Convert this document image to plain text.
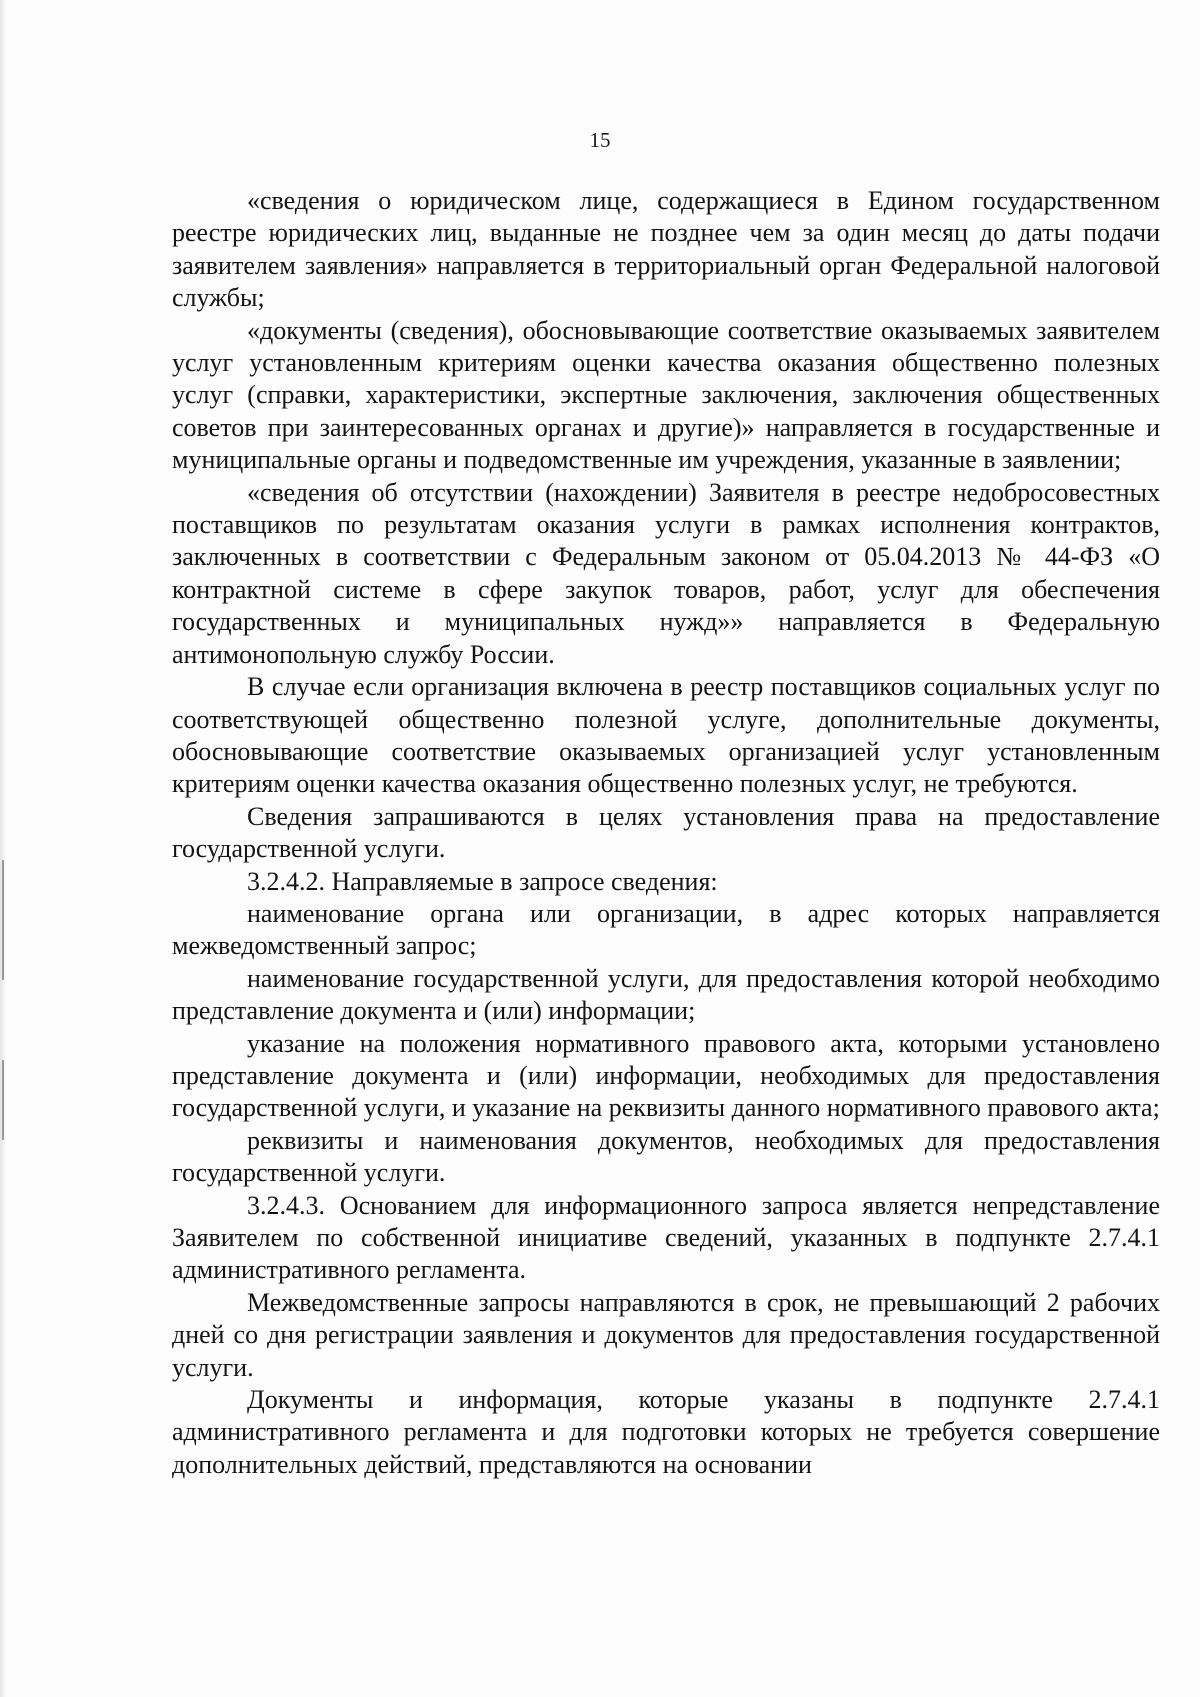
15

«сведения о юридическом лице, содержащиеся в Едином государственном реестре юридических лиц, выданные не позднее чем за один месяц до даты подачи заявителем заявления» направляется в территориальный орган Федеральной налоговой службы;

«документы (сведения), обосновывающие соответствие оказываемых заявителем услуг установленным критериям оценки качества оказания общественно полезных услуг (справки, характеристики, экспертные заключения, заключения общественных советов при заинтересованных органах и другие)» направляется в государственные и муниципальные органы и подведомственные им учреждения, указанные в заявлении;

«сведения об отсутствии (нахождении) Заявителя в реестре недобросовестных поставщиков по результатам оказания услуги в рамках исполнения контрактов, заключенных в соответствии с Федеральным законом от 05.04.2013 № 44-ФЗ «О контрактной системе в сфере закупок товаров, работ, услуг для обеспечения государственных и муниципальных нужд»» направляется в Федеральную антимонопольную службу России.

В случае если организация включена в реестр поставщиков социальных услуг по соответствующей общественно полезной услуге, дополнительные документы, обосновывающие соответствие оказываемых организацией услуг установленным критериям оценки качества оказания общественно полезных услуг, не требуются.

Сведения запрашиваются в целях установления права на предоставление государственной услуги.

3.2.4.2. Направляемые в запросе сведения:

наименование органа или организации, в адрес которых направляется межведомственный запрос;

наименование государственной услуги, для предоставления которой необходимо представление документа и (или) информации;

указание на положения нормативного правового акта, которыми установлено представление документа и (или) информации, необходимых для предоставления государственной услуги, и указание на реквизиты данного нормативного правового акта;

реквизиты и наименования документов, необходимых для предоставления государственной услуги.

3.2.4.3. Основанием для информационного запроса является непредставление Заявителем по собственной инициативе сведений, указанных в подпункте 2.7.4.1 административного регламента.

Межведомственные запросы направляются в срок, не превышающий 2 рабочих дней со дня регистрации заявления и документов для предоставления государственной услуги.

Документы и информация, которые указаны в подпункте 2.7.4.1 административного регламента и для подготовки которых не требуется совершение дополнительных действий, представляются на основании
